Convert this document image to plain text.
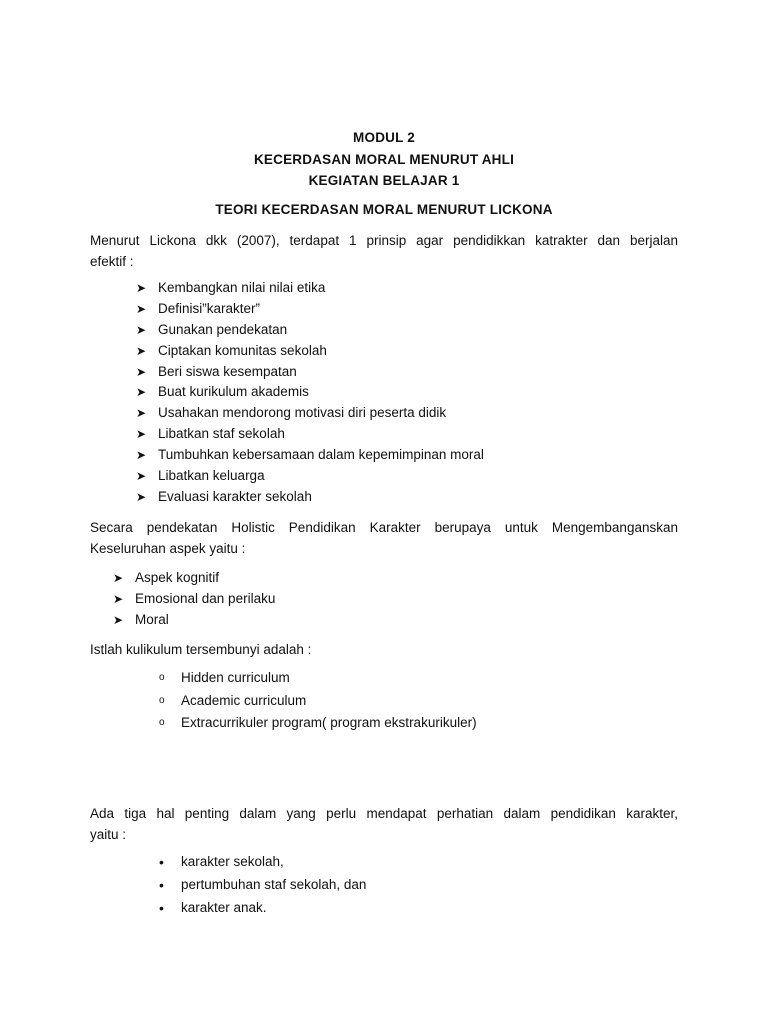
MODUL 2
KECERDASAN MORAL MENURUT AHLI
KEGIATAN BELAJAR 1
TEORI KECERDASAN MORAL MENURUT LICKONA
Menurut Lickona dkk (2007), terdapat 1 prinsip agar pendidikkan katrakter dan berjalan
efektif :
➤ Kembangkan nilai nilai etika
➤ Definisi”karakter”
➤ Gunakan pendekatan
➤ Ciptakan komunitas sekolah
➤ Beri siswa kesempatan
➤ Buat kurikulum akademis
➤ Usahakan mendorong motivasi diri peserta didik
➤ Libatkan staf sekolah
➤ Tumbuhkan kebersamaan dalam kepemimpinan moral
➤ Libatkan keluarga
➤ Evaluasi karakter sekolah
Secara pendekatan Holistic Pendidikan Karakter berupaya untuk Mengembanganskan
Keseluruhan aspek yaitu :
➤ Aspek kognitif
➤ Emosional dan perilaku
➤ Moral
Istlah kulikulum tersembunyi adalah :
o Hidden curriculum
o Academic curriculum
o Extracurrikuler program( program ekstrakurikuler)
Ada tiga hal penting dalam yang perlu mendapat perhatian dalam pendidikan karakter,
yaitu :
• karakter sekolah,
• pertumbuhan staf sekolah, dan
• karakter anak.
